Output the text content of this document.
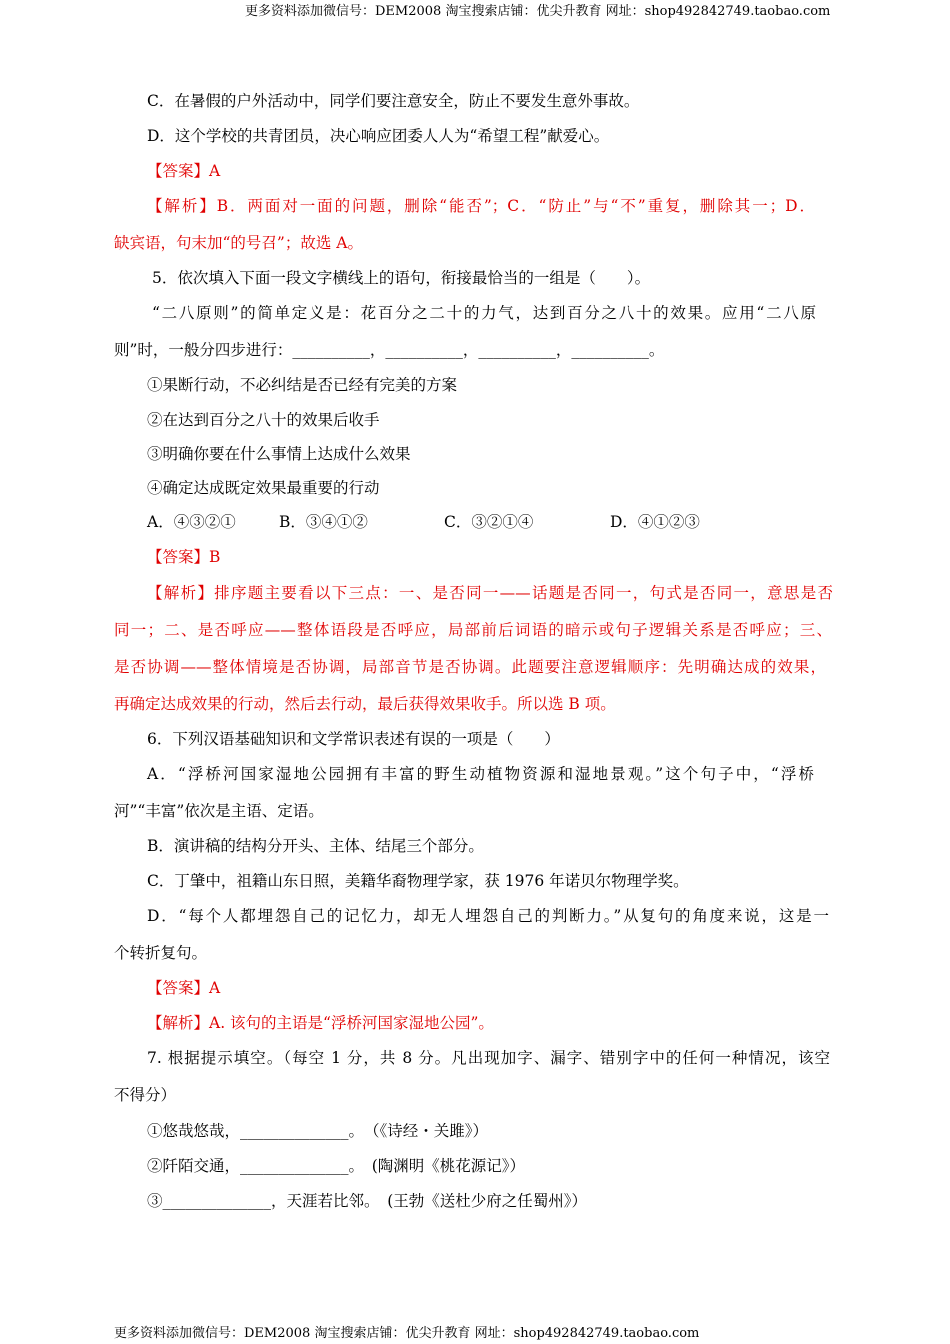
更多资料添加微信号：DEM2008 淘宝搜索店铺：优尖升教育 网址：shop492842749.taobao.com
C．在暑假的户外活动中，同学们要注意安全，防止不要发生意外事故。
D．这个学校的共青团员，决心响应团委人人为“希望工程”献爱心。
【答案】A
【解析】B．两面对一面的问题，删除“能否”；C．“防止”与“不”重复，删除其一；D．
缺宾语，句末加“的号召”；故选 A。
5．依次填入下面一段文字横线上的语句，衔接最恰当的一组是（　　）。
“二八原则”的简单定义是：花百分之二十的力气，达到百分之八十的效果。应用“二八原
则”时，一般分四步进行：__________，__________，__________，__________。
①果断行动，不必纠结是否已经有完美的方案
②在达到百分之八十的效果后收手
③明确你要在什么事情上达成什么效果
④确定达成既定效果最重要的行动
A．④③②①	B．③④①②	C．③②①④	D．④①②③
【答案】B
【解析】排序题主要看以下三点：一、是否同一——话题是否同一，句式是否同一，意思是否
同一；二、是否呼应——整体语段是否呼应，局部前后词语的暗示或句子逻辑关系是否呼应；三、
是否协调——整体情境是否协调，局部音节是否协调。此题要注意逻辑顺序：先明确达成的效果，
再确定达成效果的行动，然后去行动，最后获得效果收手。所以选 B 项。
6．下列汉语基础知识和文学常识表述有误的一项是（　　）
A．“浮桥河国家湿地公园拥有丰富的野生动植物资源和湿地景观。”这个句子中，“浮桥
河”“丰富”依次是主语、定语。
B．演讲稿的结构分开头、主体、结尾三个部分。
C．丁肇中，祖籍山东日照，美籍华裔物理学家，获 1976 年诺贝尔物理学奖。
D．“每个人都埋怨自己的记忆力，却无人埋怨自己的判断力。”从复句的角度来说，这是一
个转折复句。
【答案】A
【解析】A. 该句的主语是“浮桥河国家湿地公园”。
7. 根据提示填空。（每空 1 分，共 8 分。凡出现加字、漏字、错别字中的任何一种情况，该空
不得分）
①悠哉悠哉，______________。　（《诗经・关雎》）
②阡陌交通，______________。　(陶渊明《桃花源记》）
③______________，天涯若比邻。　(王勃《送杜少府之任蜀州》）
更多资料添加微信号：DEM2008 淘宝搜索店铺：优尖升教育 网址：shop492842749.taobao.com
